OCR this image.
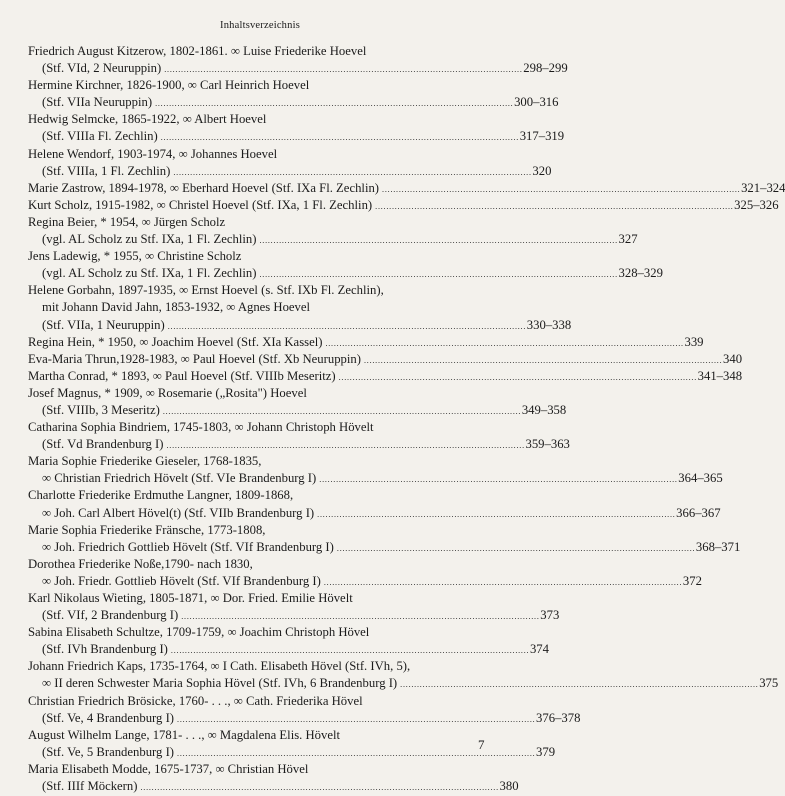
Inhaltsverzeichnis
Friedrich August Kitzerow, 1802-1861. ∞ Luise Friederike Hoevel
(Stf. VId, 2 Neuruppin) . . .	298–299
Hermine Kirchner, 1826-1900, ∞ Carl Heinrich Hoevel
(Stf. VIIa Neuruppin) . . .	300–316
Hedwig Selmcke, 1865-1922, ∞ Albert Hoevel
(Stf. VIIIa Fl. Zechlin) . . .	317–319
Helene Wendorf, 1903-1974, ∞ Johannes Hoevel
(Stf. VIIIa, 1 Fl. Zechlin) . . .	320
Marie Zastrow, 1894-1978, ∞ Eberhard Hoevel (Stf. IXa Fl. Zechlin) . . .	321–324
Kurt Scholz, 1915-1982, ∞ Christel Hoevel (Stf. IXa, 1 Fl. Zechlin) . . .	325–326
Regina Beier, * 1954, ∞ Jürgen Scholz
(vgl. AL Scholz zu Stf. IXa, 1 Fl. Zechlin) . . .	327
Jens Ladewig, * 1955, ∞ Christine Scholz
(vgl. AL Scholz zu Stf. IXa, 1 Fl. Zechlin) . . .	328–329
Helene Gorbahn, 1897-1935, ∞ Ernst Hoevel (s. Stf. IXb Fl. Zechlin),
mit Johann David Jahn, 1853-1932, ∞ Agnes Hoevel
(Stf. VIIa, 1 Neuruppin) . . .	330–338
Regina Hein, * 1950, ∞ Joachim Hoevel (Stf. XIa Kassel) . . .	339
Eva-Maria Thrun,1928-1983, ∞ Paul Hoevel (Stf. Xb Neuruppin) . . .	340
Martha Conrad, * 1893, ∞ Paul Hoevel (Stf. VIIIb Meseritz) . . .	341–348
Josef Magnus, * 1909, ∞ Rosemarie („Rosita") Hoevel
(Stf. VIIIb, 3 Meseritz) . . .	349–358
Catharina Sophia Bindriem, 1745-1803, ∞ Johann Christoph Hövelt
(Stf. Vd Brandenburg I) . . .	359–363
Maria Sophie Friederike Gieseler, 1768-1835,
∞ Christian Friedrich Hövelt (Stf. VIe Brandenburg I) . . .	364–365
Charlotte Friederike Erdmuthe Langner, 1809-1868,
∞ Joh. Carl Albert Hövel(t) (Stf. VIIb Brandenburg I) . . .	366–367
Marie Sophia Friederike Fränsche, 1773-1808,
∞ Joh. Friedrich Gottlieb Hövelt (Stf. VIf Brandenburg I) . . .	368–371
Dorothea Friederike Noße,1790- nach 1830,
∞ Joh. Friedr. Gottlieb Hövelt (Stf. VIf Brandenburg I) . . .	372
Karl Nikolaus Wieting, 1805-1871, ∞ Dor. Fried. Emilie Hövelt
(Stf. VIf, 2 Brandenburg I) . . .	373
Sabina Elisabeth Schultze, 1709-1759, ∞ Joachim Christoph Hövel
(Stf. IVh Brandenburg I) . . .	374
Johann Friedrich Kaps, 1735-1764, ∞ I Cath. Elisabeth Hövel (Stf. IVh, 5),
∞ II deren Schwester Maria Sophia Hövel (Stf. IVh, 6 Brandenburg I) . . .	375
Christian Friedrich Brösicke, 1760- . . ., ∞ Cath. Friederika Hövel
(Stf. Ve, 4 Brandenburg I) . . .	376–378
August Wilhelm Lange, 1781- . . ., ∞ Magdalena Elis. Hövelt
(Stf. Ve, 5 Brandenburg I) . . .	379
Maria Elisabeth Modde, 1675-1737, ∞ Christian Hövel
(Stf. IIIf Möckern) . . .	380
7
